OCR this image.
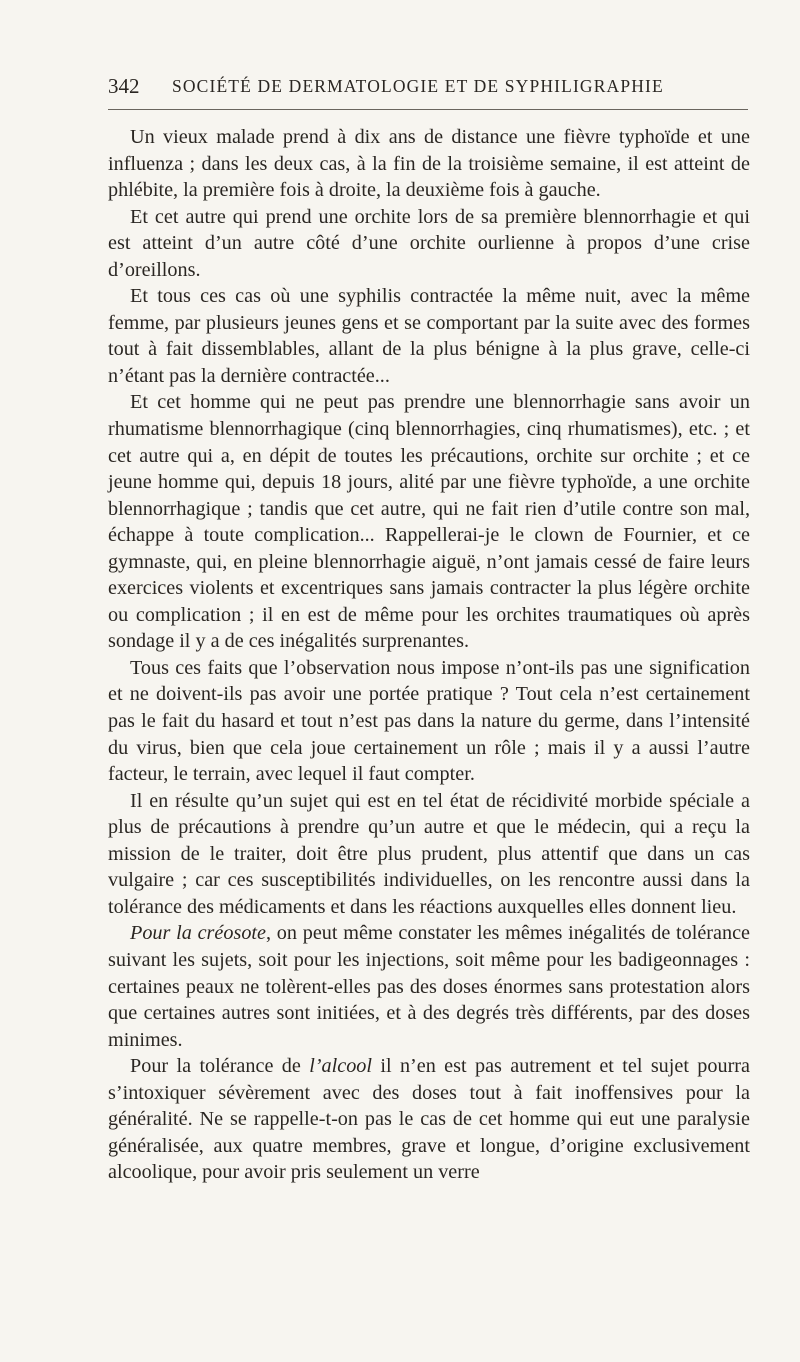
342 SOCIÉTÉ DE DERMATOLOGIE ET DE SYPHILIGRAPHIE

Un vieux malade prend à dix ans de distance une fièvre typhoïde et une influenza ; dans les deux cas, à la fin de la troisième semaine, il est atteint de phlébite, la première fois à droite, la deuxième fois à gauche.

Et cet autre qui prend une orchite lors de sa première blennorrhagie et qui est atteint d’un autre côté d’une orchite ourlienne à propos d’une crise d’oreillons.

Et tous ces cas où une syphilis contractée la même nuit, avec la même femme, par plusieurs jeunes gens et se comportant par la suite avec des formes tout à fait dissemblables, allant de la plus bénigne à la plus grave, celle-ci n’étant pas la dernière contractée...

Et cet homme qui ne peut pas prendre une blennorrhagie sans avoir un rhumatisme blennorrhagique (cinq blennorrhagies, cinq rhumatismes), etc. ; et cet autre qui a, en dépit de toutes les précautions, orchite sur orchite ; et ce jeune homme qui, depuis 18 jours, alité par une fièvre typhoïde, a une orchite blennorrhagique ; tandis que cet autre, qui ne fait rien d’utile contre son mal, échappe à toute complication... Rappellerai-je le clown de Fournier, et ce gymnaste, qui, en pleine blennorrhagie aiguë, n’ont jamais cessé de faire leurs exercices violents et excentriques sans jamais contracter la plus légère orchite ou complication ; il en est de même pour les orchites traumatiques où après sondage il y a de ces inégalités surprenantes.

Tous ces faits que l’observation nous impose n’ont-ils pas une signification et ne doivent-ils pas avoir une portée pratique ? Tout cela n’est certainement pas le fait du hasard et tout n’est pas dans la nature du germe, dans l’intensité du virus, bien que cela joue certainement un rôle ; mais il y a aussi l’autre facteur, le terrain, avec lequel il faut compter.

Il en résulte qu’un sujet qui est en tel état de récidivité morbide spéciale a plus de précautions à prendre qu’un autre et que le médecin, qui a reçu la mission de le traiter, doit être plus prudent, plus attentif que dans un cas vulgaire ; car ces susceptibilités individuelles, on les rencontre aussi dans la tolérance des médicaments et dans les réactions auxquelles elles donnent lieu.

Pour la créosote, on peut même constater les mêmes inégalités de tolérance suivant les sujets, soit pour les injections, soit même pour les badigeonnages : certaines peaux ne tolèrent-elles pas des doses énormes sans protestation alors que certaines autres sont initiées, et à des degrés très différents, par des doses minimes.

Pour la tolérance de l’alcool il n’en est pas autrement et tel sujet pourra s’intoxiquer sévèrement avec des doses tout à fait inoffensives pour la généralité. Ne se rappelle-t-on pas le cas de cet homme qui eut une paralysie généralisée, aux quatre membres, grave et longue, d’origine exclusivement alcoolique, pour avoir pris seulement un verre
